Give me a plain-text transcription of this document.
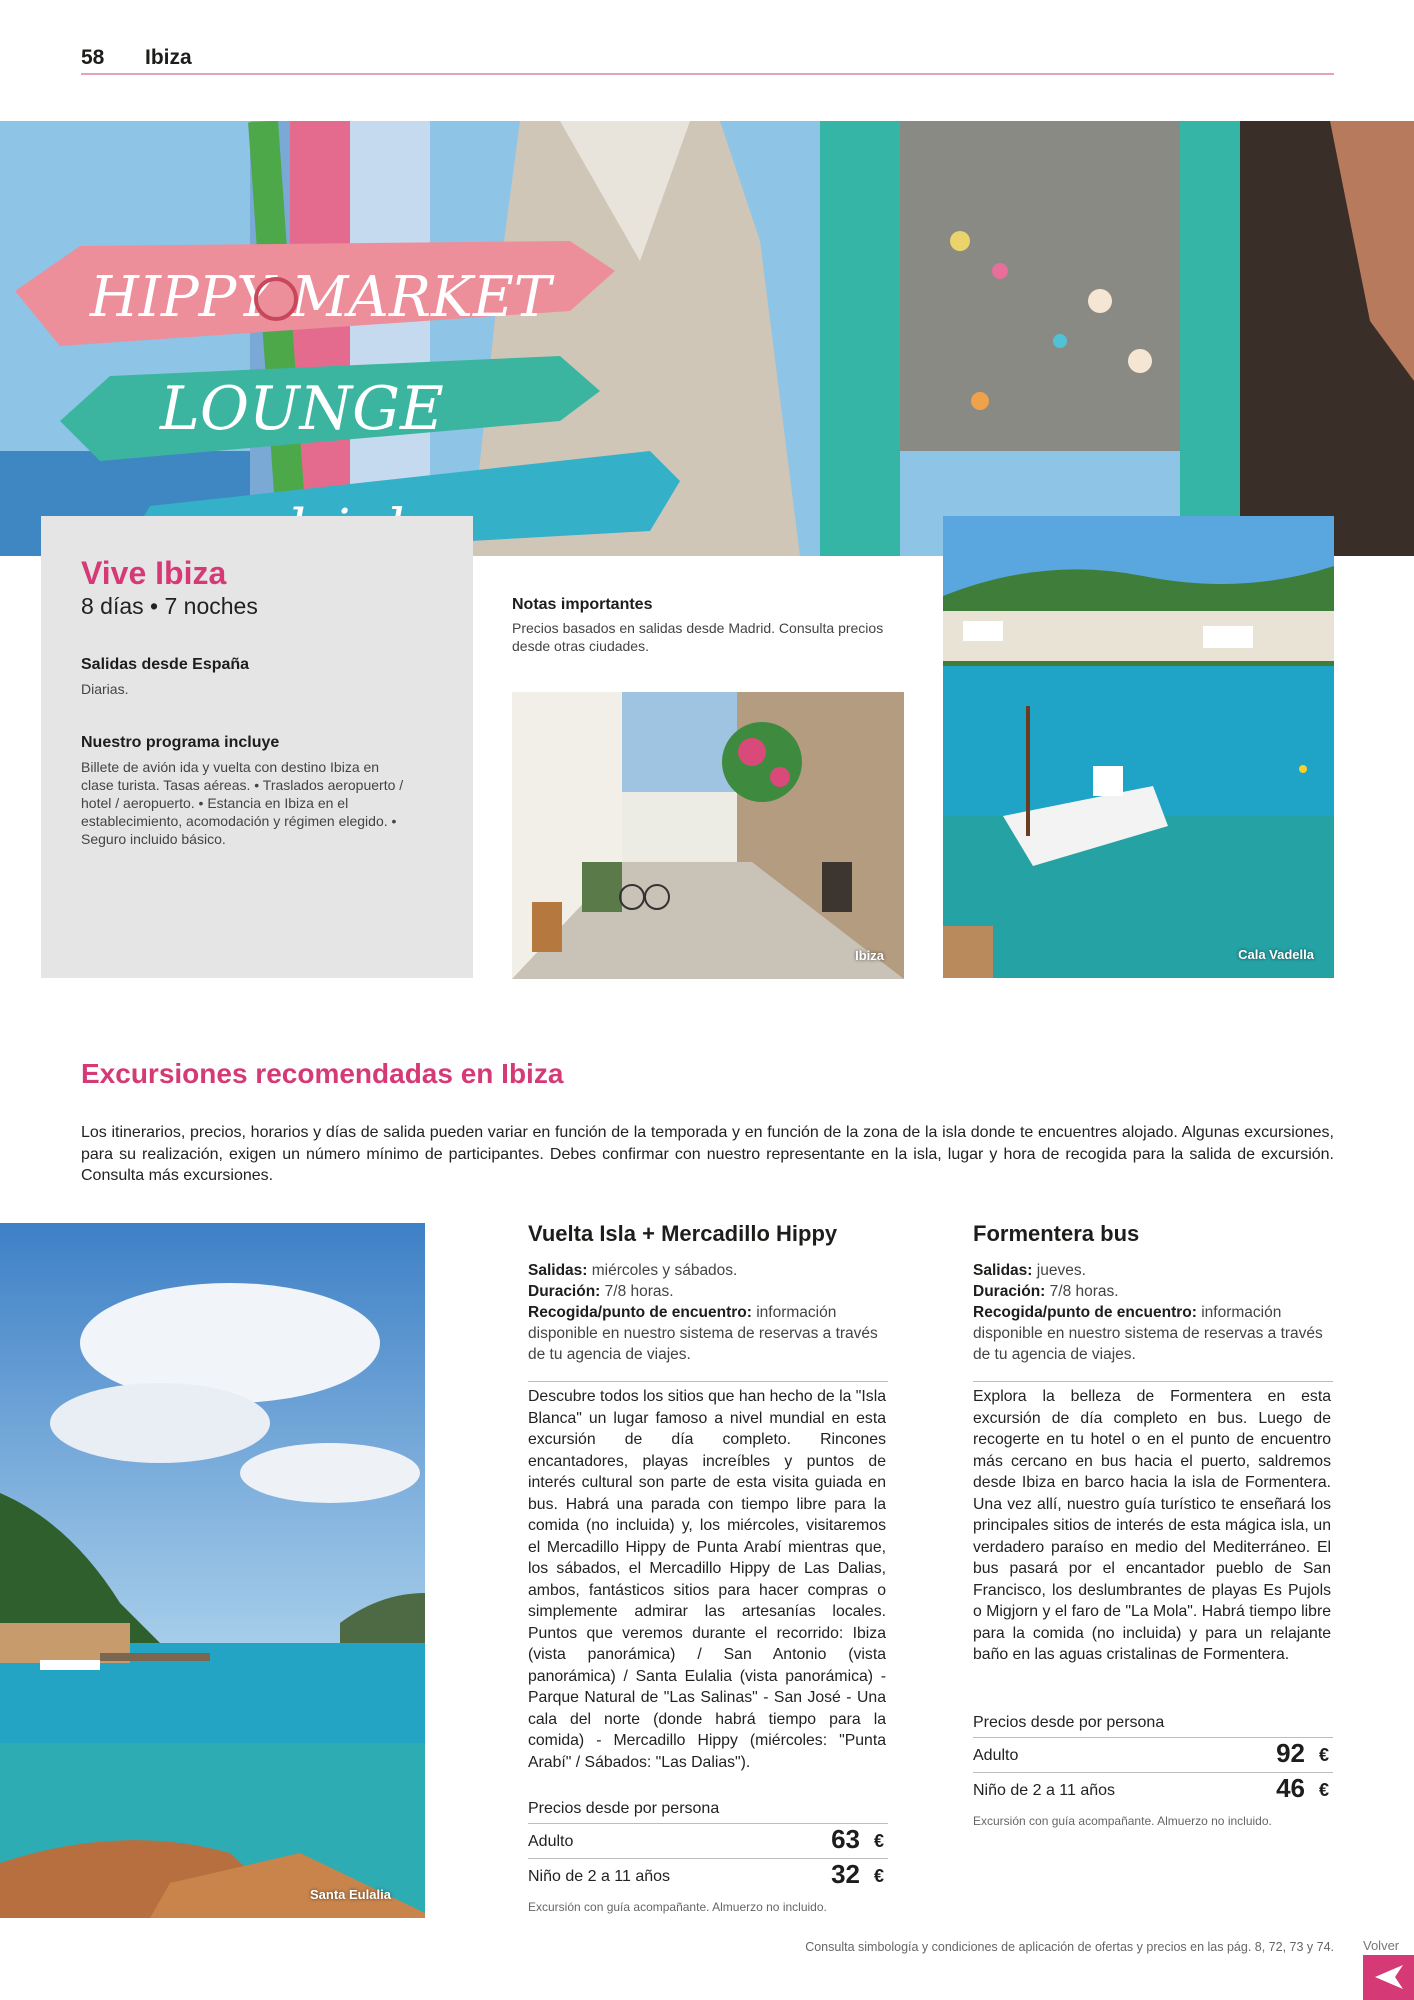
58 Ibiza
HIPPY MARKET
LOUNGE
Vive Ibiza
8 días • 7 noches
Salidas desde España
Diarias.
Nuestro programa incluye
Billete de avión ida y vuelta con destino Ibiza en clase turista. Tasas aéreas. • Traslados aeropuerto / hotel / aeropuerto. • Estancia en Ibiza en el establecimiento, acomodación y régimen elegido. • Seguro incluido básico.
Notas importantes
Precios basados en salidas desde Madrid. Consulta precios desde otras ciudades.
Ibiza	Cala Vadella
Excursiones recomendadas en Ibiza
Los itinerarios, precios, horarios y días de salida pueden variar en función de la temporada y en función de la zona de la isla donde te encuentres alojado. Algunas excursiones, para su realización, exigen un número mínimo de participantes. Debes confirmar con nuestro representante en la isla, lugar y hora de recogida para la salida de excursión. Consulta más excursiones.
Santa Eulalia
Vuelta Isla + Mercadillo Hippy
Salidas: miércoles y sábados.
Duración: 7/8 horas.
Recogida/punto de encuentro: información disponible en nuestro sistema de reservas a través de tu agencia de viajes.
Descubre todos los sitios que han hecho de la "Isla Blanca" un lugar famoso a nivel mundial en esta excursión de día completo. Rincones encantadores, playas increíbles y puntos de interés cultural son parte de esta visita guiada en bus. Habrá una parada con tiempo libre para la comida (no incluida) y, los miércoles, visitaremos el Mercadillo Hippy de Punta Arabí mientras que, los sábados, el Mercadillo Hippy de Las Dalias, ambos, fantásticos sitios para hacer compras o simplemente admirar las artesanías locales. Puntos que veremos durante el recorrido: Ibiza (vista panorámica) / San Antonio (vista panorámica) / Santa Eulalia (vista panorámica) - Parque Natural de "Las Salinas" - San José - Una cala del norte (donde habrá tiempo para la comida) - Mercadillo Hippy (miércoles: "Punta Arabí" / Sábados: "Las Dalias").
Precios desde por persona
Adulto	63 €
Niño de 2 a 11 años	32 €
Excursión con guía acompañante. Almuerzo no incluido.
Formentera bus
Salidas: jueves.
Duración: 7/8 horas.
Recogida/punto de encuentro: información disponible en nuestro sistema de reservas a través de tu agencia de viajes.
Explora la belleza de Formentera en esta excursión de día completo en bus. Luego de recogerte en tu hotel o en el punto de encuentro más cercano en bus hacia el puerto, saldremos desde Ibiza en barco hacia la isla de Formentera. Una vez allí, nuestro guía turístico te enseñará los principales sitios de interés de esta mágica isla, un verdadero paraíso en medio del Mediterráneo. El bus pasará por el encantador pueblo de San Francisco, los deslumbrantes de playas Es Pujols o Migjorn y el faro de "La Mola". Habrá tiempo libre para la comida (no incluida) y para un relajante baño en las aguas cristalinas de Formentera.
Precios desde por persona
Adulto	92 €
Niño de 2 a 11 años	46 €
Excursión con guía acompañante. Almuerzo no incluido.
Consulta simbología y condiciones de aplicación de ofertas y precios en las pág. 8, 72, 73 y 74. Volver
